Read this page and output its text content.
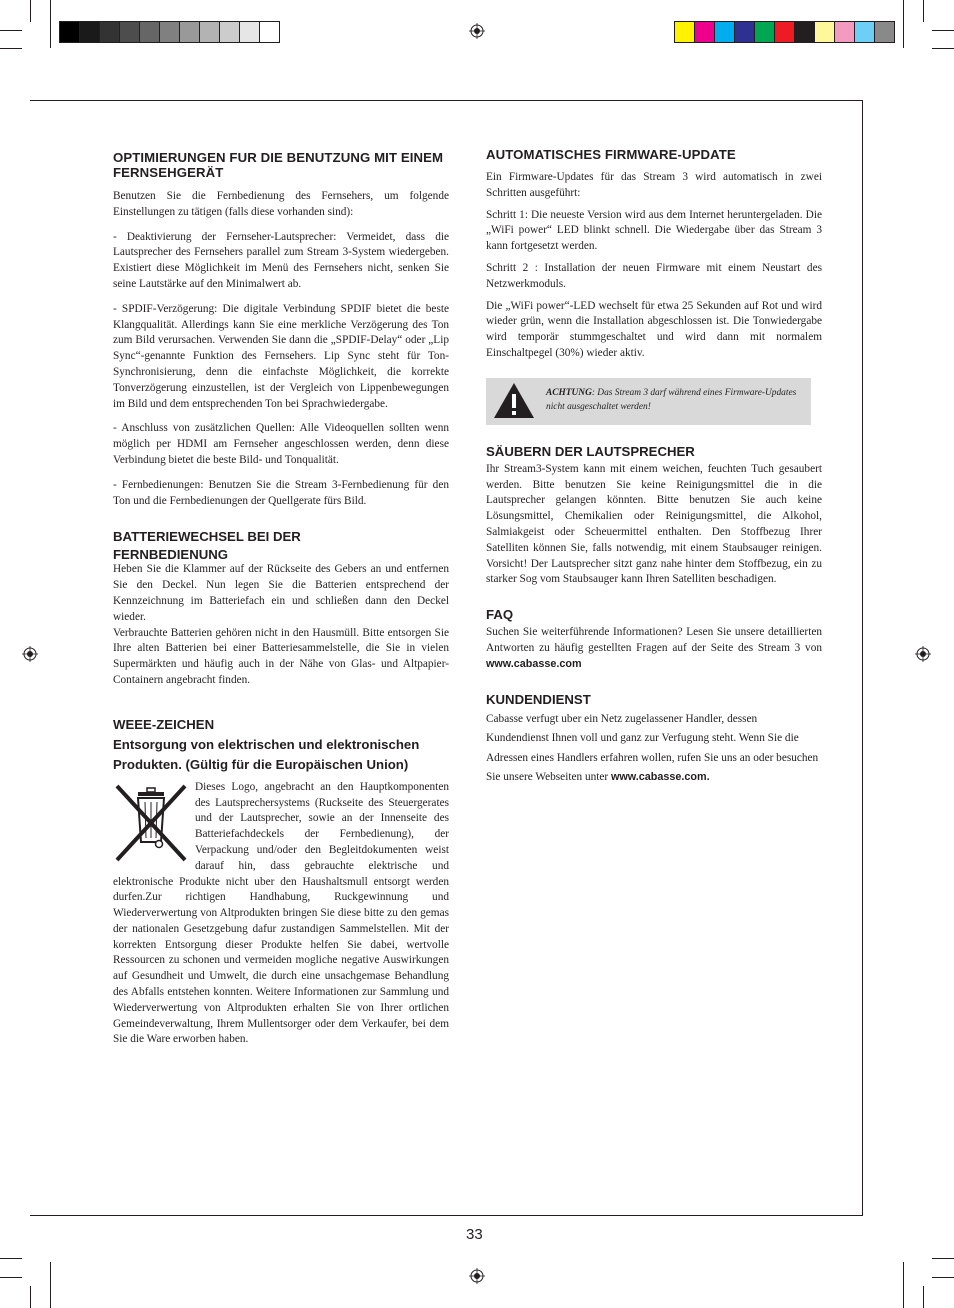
OPTIMIERUNGEN FUR DIE BENUTZUNG MIT EINEM FERNSEHGERÄT

Benutzen Sie die Fernbedienung des Fernsehers, um folgende Einstellungen zu tätigen (falls diese vorhanden sind):

- Deaktivierung der Fernseher-Lautsprecher: Vermeidet, dass die Lautsprecher des Fernsehers parallel zum Stream 3-System wiedergeben. Existiert diese Möglichkeit im Menü des Fernsehers nicht, senken Sie seine Lautstärke auf den Minimalwert ab.

- SPDIF-Verzögerung: Die digitale Verbindung SPDIF bietet die beste Klangqualität. Allerdings kann Sie eine merkliche Verzögerung des Ton zum Bild verursachen. Verwenden Sie dann die „SPDIF-Delay“ oder „Lip Sync“-genannte Funktion des Fernsehers. Lip Sync steht für Ton-Synchronisierung, denn die einfachste Möglichkeit, die korrekte Tonverzögerung einzustellen, ist der Vergleich von Lippenbewegungen im Bild und dem entsprechenden Ton bei Sprachwiedergabe.

- Anschluss von zusätzlichen Quellen: Alle Videoquellen sollten wenn möglich per HDMI am Fernseher angeschlossen werden, denn diese Verbindung bietet die beste Bild- und Tonqualität.

- Fernbedienungen: Benutzen Sie die Stream 3-Fernbedienung für den Ton und die Fernbedienungen der Quellgerate fürs Bild.

BATTERIEWECHSEL BEI DER
FERNBEDIENUNG

Heben Sie die Klammer auf der Rückseite des Gebers an und entfernen Sie den Deckel. Nun legen Sie die Batterien entsprechend der Kennzeichnung im Batteriefach ein und schließen dann den Deckel wieder.

Verbrauchte Batterien gehören nicht in den Hausmüll. Bitte entsorgen Sie Ihre alten Batterien bei einer Batteriesammelstelle, die Sie in vielen Supermärkten und häufig auch in der Nähe von Glas- und Altpapier-Containern angebracht finden.

WEEE-ZEICHEN
Entsorgung von elektrischen und elektronischen Produkten. (Gültig für die Europäischen Union)

Dieses Logo, angebracht an den Hauptkomponenten des Lautsprechersystems (Ruckseite des Steuergerates und der Lautsprecher, sowie an der Innenseite des Batteriefachdeckels der Fernbedienung), der Verpackung und/oder den Begleitdokumenten weist darauf hin, dass gebrauchte elektrische und elektronische Produkte nicht uber den Haushaltsmull entsorgt werden durfen.Zur richtigen Handhabung, Ruckgewinnung und Wiederverwertung von Altprodukten bringen Sie diese bitte zu den gemas der nationalen Gesetzgebung dafur zustandigen Sammelstellen. Mit der korrekten Entsorgung dieser Produkte helfen Sie dabei, wertvolle Ressourcen zu schonen und vermeiden mogliche negative Auswirkungen auf Gesundheit und Umwelt, die durch eine unsachgemase Behandlung des Abfalls entstehen konnten. Weitere Informationen zur Sammlung und Wiederverwertung von Altprodukten erhalten Sie von Ihrer ortlichen Gemeindeverwaltung, Ihrem Mullentsorger oder dem Verkaufer, bei dem Sie die Ware erworben haben.

AUTOMATISCHES FIRMWARE-UPDATE

Ein Firmware-Updates für das Stream 3 wird automatisch in zwei Schritten ausgeführt:

Schritt 1: Die neueste Version wird aus dem Internet heruntergeladen. Die „WiFi power“ LED blinkt schnell. Die Wiedergabe über das Stream 3 kann fortgesetzt werden.

Schritt 2 : Installation der neuen Firmware mit einem Neustart des Netzwerkmoduls.

Die „WiFi power“-LED wechselt für etwa 25 Sekunden auf Rot und wird wieder grün, wenn die Installation abgeschlossen ist. Die Tonwiedergabe wird temporär stummgeschaltet und wird dann mit normalem Einschaltpegel (30%) wieder aktiv.

ACHTUNG: Das Stream 3 darf während eines Firmware-Updates nicht ausgeschaltet werden!
SÄUBERN DER LAUTSPRECHER

Ihr Stream3-System kann mit einem weichen, feuchten Tuch gesaubert werden. Bitte benutzen Sie keine Reinigungsmittel die in die Lautsprecher gelangen könnten. Bitte benutzen Sie auch keine Lösungsmittel, Chemikalien oder Reinigungsmittel, die Alkohol, Salmiakgeist oder Scheuermittel enthalten. Den Stoffbezug Ihrer Satelliten können Sie, falls notwendig, mit einem Staubsauger reinigen. Vorsicht! Der Lautsprecher sitzt ganz nahe hinter dem Stoffbezug, ein zu starker Sog vom Staubsauger kann Ihren Satelliten beschadigen.

FAQ

Suchen Sie weiterführende Informationen? Lesen Sie unsere detaillierten Antworten zu häufig gestellten Fragen auf der Seite des Stream 3 von www.cabasse.com

KUNDENDIENST

Cabasse verfugt uber ein Netz zugelassener Handler, dessen Kundendienst Ihnen voll und ganz zur Verfugung steht. Wenn Sie die Adressen eines Handlers erfahren wollen, rufen Sie uns an oder besuchen Sie unsere Webseiten unter www.cabasse.com.

33
